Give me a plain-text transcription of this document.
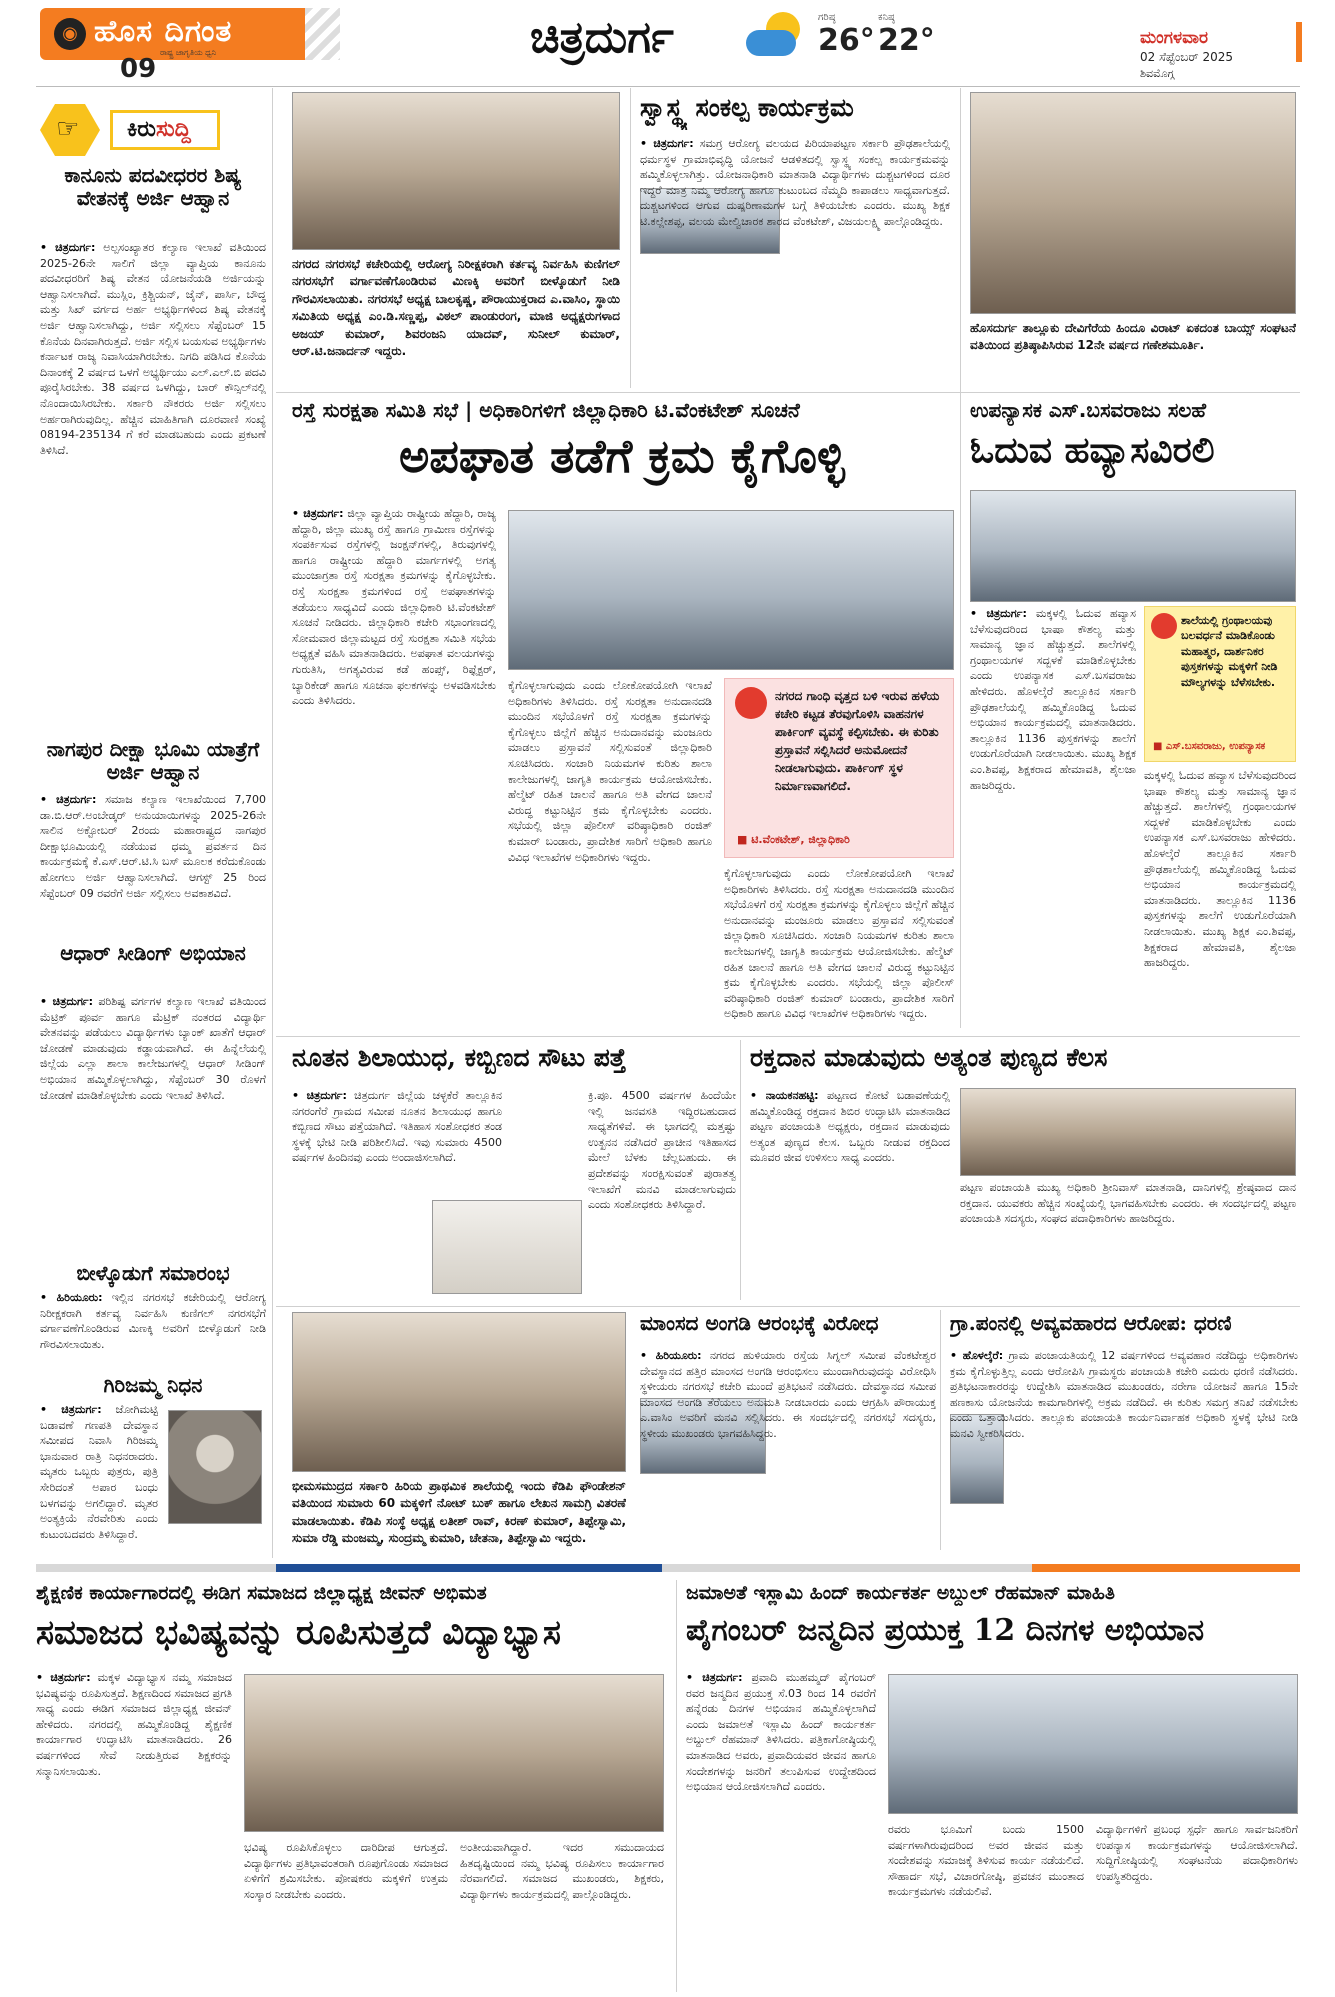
◉ ಹೊಸ ದಿಗಂತ
ರಾಷ್ಟ್ರ ಜಾಗೃತಿಯ ಧ್ವನಿ
09
ಚಿತ್ರದುರ್ಗ	ಗರಿಷ್ಠ
26°
ಕನಿಷ್ಠ
22°	ಮಂಗಳವಾರ
02 ಸೆಪ್ಟೆಂಬರ್ 2025
ಶಿವಮೊಗ್ಗ
☞	ಕಿರುಸುದ್ದಿ
ಕಾನೂನು ಪದವೀಧರರ ಶಿಷ್ಯ ವೇತನಕ್ಕೆ ಅರ್ಜಿ ಆಹ್ವಾನ
• ಚಿತ್ರದುರ್ಗ: ಅಲ್ಪಸಂಖ್ಯಾತರ ಕಲ್ಯಾಣ ಇಲಾಖೆ ವತಿಯಿಂದ 2025-26ನೇ ಸಾಲಿಗೆ ಜಿಲ್ಲಾ ವ್ಯಾಪ್ತಿಯ ಕಾನೂನು ಪದವೀಧರರಿಗೆ ಶಿಷ್ಯ ವೇತನ ಯೋಜನೆಯಡಿ ಅರ್ಜಿಯನ್ನು ಆಹ್ವಾನಿಸಲಾಗಿದೆ. ಮುಸ್ಲಿಂ, ಕ್ರಿಶ್ಚಿಯನ್, ಜೈನ್, ಪಾರ್ಸಿ, ಬೌದ್ಧ ಮತ್ತು ಸಿಖ್ ವರ್ಗದ ಅರ್ಹ ಅಭ್ಯರ್ಥಿಗಳಿಂದ ಶಿಷ್ಯ ವೇತನಕ್ಕೆ ಅರ್ಜಿ ಆಹ್ವಾನಿಸಲಾಗಿದ್ದು, ಅರ್ಜಿ ಸಲ್ಲಿಸಲು ಸೆಪ್ಟೆಂಬರ್ 15 ಕೊನೆಯ ದಿನವಾಗಿರುತ್ತದೆ. ಅರ್ಜಿ ಸಲ್ಲಿಸ ಬಯಸುವ ಅಭ್ಯರ್ಥಿಗಳು ಕರ್ನಾಟಕ ರಾಜ್ಯ ನಿವಾಸಿಯಾಗಿರಬೇಕು. ನಿಗದಿ ಪಡಿಸಿದ ಕೊನೆಯ ದಿನಾಂಕಕ್ಕೆ 2 ವರ್ಷದ ಒಳಗೆ ಅಭ್ಯರ್ಥಿಯು ಎಲ್.ಎಲ್.ಬಿ ಪದವಿ ಪೂರೈಸಿರಬೇಕು. 38 ವರ್ಷದ ಒಳಗಿದ್ದು, ಬಾರ್ ಕೌನ್ಸಿಲ್‌ನಲ್ಲಿ ನೊಂದಾಯಿಸಿರಬೇಕು. ಸರ್ಕಾರಿ ನೌಕರರು ಅರ್ಜಿ ಸಲ್ಲಿಸಲು ಅರ್ಹರಾಗಿರುವುದಿಲ್ಲ. ಹೆಚ್ಚಿನ ಮಾಹಿತಿಗಾಗಿ ದೂರವಾಣಿ ಸಂಖ್ಯೆ 08194-235134 ಗೆ ಕರೆ ಮಾಡಬಹುದು ಎಂದು ಪ್ರಕಟಣೆ ತಿಳಿಸಿದೆ.
ನಾಗಪುರ ದೀಕ್ಷಾ ಭೂಮಿ ಯಾತ್ರೆಗೆ ಅರ್ಜಿ ಆಹ್ವಾನ
• ಚಿತ್ರದುರ್ಗ: ಸಮಾಜ ಕಲ್ಯಾಣ ಇಲಾಖೆಯಿಂದ 7,700 ಡಾ.ಬಿ.ಆರ್.ಅಂಬೇಡ್ಕರ್ ಅನುಯಾಯಿಗಳನ್ನು 2025-26ನೇ ಸಾಲಿನ ಅಕ್ಟೋಬರ್ 2ರಂದು ಮಹಾರಾಷ್ಟ್ರದ ನಾಗಪುರ ದೀಕ್ಷಾಭೂಮಿಯಲ್ಲಿ ನಡೆಯುವ ಧಮ್ಮ ಪ್ರವರ್ತನ ದಿನ ಕಾರ್ಯಕ್ರಮಕ್ಕೆ ಕೆ.ಎಸ್.ಆರ್.ಟಿ.ಸಿ ಬಸ್ ಮೂಲಕ ಕರೆದುಕೊಂಡು ಹೋಗಲು ಅರ್ಜಿ ಆಹ್ವಾನಿಸಲಾಗಿದೆ. ಆಗಸ್ಟ್ 25 ರಿಂದ ಸೆಪ್ಟೆಂಬರ್ 09 ರವರೆಗೆ ಅರ್ಜಿ ಸಲ್ಲಿಸಲು ಅವಕಾಶವಿದೆ.
ಆಧಾರ್ ಸೀಡಿಂಗ್ ಅಭಿಯಾನ
• ಚಿತ್ರದುರ್ಗ: ಪರಿಶಿಷ್ಟ ವರ್ಗಗಳ ಕಲ್ಯಾಣ ಇಲಾಖೆ ವತಿಯಿಂದ ಮೆಟ್ರಿಕ್ ಪೂರ್ವ ಹಾಗೂ ಮೆಟ್ರಿಕ್ ನಂತರದ ವಿದ್ಯಾರ್ಥಿ ವೇತನವನ್ನು ಪಡೆಯಲು ವಿದ್ಯಾರ್ಥಿಗಳು ಬ್ಯಾಂಕ್ ಖಾತೆಗೆ ಆಧಾರ್ ಜೋಡಣೆ ಮಾಡುವುದು ಕಡ್ಡಾಯವಾಗಿದೆ. ಈ ಹಿನ್ನೆಲೆಯಲ್ಲಿ ಜಿಲ್ಲೆಯ ಎಲ್ಲಾ ಶಾಲಾ ಕಾಲೇಜುಗಳಲ್ಲಿ ಆಧಾರ್ ಸೀಡಿಂಗ್ ಅಭಿಯಾನ ಹಮ್ಮಿಕೊಳ್ಳಲಾಗಿದ್ದು, ಸೆಪ್ಟೆಂಬರ್ 30 ರೊಳಗೆ ಜೋಡಣೆ ಮಾಡಿಕೊಳ್ಳಬೇಕು ಎಂದು ಇಲಾಖೆ ತಿಳಿಸಿದೆ.
ಬೀಳ್ಕೊಡುಗೆ ಸಮಾರಂಭ
• ಹಿರಿಯೂರು: ಇಲ್ಲಿನ ನಗರಸಭೆ ಕಚೇರಿಯಲ್ಲಿ ಆರೋಗ್ಯ ನಿರೀಕ್ಷಕರಾಗಿ ಕರ್ತವ್ಯ ನಿರ್ವಹಿಸಿ ಕುಣಿಗಲ್ ನಗರಸಭೆಗೆ ವರ್ಗಾವಣೆಗೊಂಡಿರುವ ಮಿಣಕ್ಕಿ ಅವರಿಗೆ ಬೀಳ್ಕೊಡುಗೆ ನೀಡಿ ಗೌರವಿಸಲಾಯಿತು.
ಗಿರಿಜಮ್ಮ ನಿಧನ
• ಚಿತ್ರದುರ್ಗ: ಜೋಗಿಮಟ್ಟಿ ಬಡಾವಣೆ ಗಣಪತಿ ದೇವಸ್ಥಾನ ಸಮೀಪದ ನಿವಾಸಿ ಗಿರಿಜಮ್ಮ ಭಾನುವಾರ ರಾತ್ರಿ ನಿಧನರಾದರು. ಮೃತರು ಒಬ್ಬರು ಪುತ್ರರು, ಪುತ್ರಿ ಸೇರಿದಂತೆ ಅಪಾರ ಬಂಧು ಬಳಗವನ್ನು ಅಗಲಿದ್ದಾರೆ. ಮೃತರ ಅಂತ್ಯಕ್ರಿಯೆ ನೆರವೇರಿತು ಎಂದು ಕುಟುಂಬದವರು ತಿಳಿಸಿದ್ದಾರೆ.
ನಗರದ ನಗರಸಭೆ ಕಚೇರಿಯಲ್ಲಿ ಆರೋಗ್ಯ ನಿರೀಕ್ಷಕರಾಗಿ ಕರ್ತವ್ಯ ನಿರ್ವಹಿಸಿ ಕುಣಿಗಲ್ ನಗರಸಭೆಗೆ ವರ್ಗಾವಣೆಗೊಂಡಿರುವ ಮಿಣಕ್ಕಿ ಅವರಿಗೆ ಬೀಳ್ಕೊಡುಗೆ ನೀಡಿ ಗೌರವಿಸಲಾಯಿತು. ನಗರಸಭೆ ಅಧ್ಯಕ್ಷ ಬಾಲಕೃಷ್ಣ, ಪೌರಾಯುಕ್ತರಾದ ಎ.ವಾಸಿಂ, ಸ್ಥಾಯಿ ಸಮಿತಿಯ ಅಧ್ಯಕ್ಷ ಎಂ.ಡಿ.ಸಣ್ಣಪ್ಪ, ವಿಠಲ್ ಪಾಂಡುರಂಗ, ಮಾಜಿ ಅಧ್ಯಕ್ಷರುಗಳಾದ ಅಜಯ್ ಕುಮಾರ್, ಶಿವರಂಜನಿ ಯಾದವ್, ಸುನೀಲ್ ಕುಮಾರ್, ಆರ್.ಟಿ.ಜನಾರ್ದನ್ ಇದ್ದರು.
ಸ್ವಾಸ್ಥ್ಯ ಸಂಕಲ್ಪ ಕಾರ್ಯಕ್ರಮ
• ಚಿತ್ರದುರ್ಗ: ಸಮಗ್ರ ಆರೋಗ್ಯ ವಲಯದ ಪಿರಿಯಾಪಟ್ಟಣ ಸರ್ಕಾರಿ ಪ್ರೌಢಶಾಲೆಯಲ್ಲಿ ಧರ್ಮಸ್ಥಳ ಗ್ರಾಮಾಭಿವೃದ್ಧಿ ಯೋಜನೆ ಆಡಳಿತದಲ್ಲಿ ಸ್ವಾಸ್ಥ್ಯ ಸಂಕಲ್ಪ ಕಾರ್ಯಕ್ರಮವನ್ನು ಹಮ್ಮಿಕೊಳ್ಳಲಾಗಿತ್ತು. ಯೋಜನಾಧಿಕಾರಿ ಮಾತನಾಡಿ ವಿದ್ಯಾರ್ಥಿಗಳು ದುಶ್ಚಟಗಳಿಂದ ದೂರ ಇದ್ದರೆ ಮಾತ್ರ ನಿಮ್ಮ ಆರೋಗ್ಯ ಹಾಗೂ ಕುಟುಂಬದ ನೆಮ್ಮದಿ ಕಾಪಾಡಲು ಸಾಧ್ಯವಾಗುತ್ತದೆ. ದುಶ್ಚಟಗಳಿಂದ ಆಗುವ ದುಷ್ಪರಿಣಾಮಗಳ ಬಗ್ಗೆ ತಿಳಿಯಬೇಕು ಎಂದರು. ಮುಖ್ಯ ಶಿಕ್ಷಕ ಟಿ.ಕಲ್ಲೇಶಪ್ಪ, ವಲಯ ಮೇಲ್ವಿಚಾರಕ ಶಾರದ ವೆಂಕಟೇಶ್, ವಿಜಯಲಕ್ಷ್ಮಿ ಪಾಲ್ಗೊಂಡಿದ್ದರು.
ಹೊಸದುರ್ಗ ತಾಲ್ಲೂಕು ದೇವಿಗೆರೆಯ ಹಿಂದೂ ವಿರಾಟ್ ಏಕದಂತ ಬಾಯ್ಸ್ ಸಂಘಟನೆ ವತಿಯಿಂದ ಪ್ರತಿಷ್ಠಾಪಿಸಿರುವ 12ನೇ ವರ್ಷದ ಗಣೇಶಮೂರ್ತಿ.
ರಸ್ತೆ ಸುರಕ್ಷತಾ ಸಮಿತಿ ಸಭೆ | ಅಧಿಕಾರಿಗಳಿಗೆ ಜಿಲ್ಲಾಧಿಕಾರಿ ಟಿ.ವೆಂಕಟೇಶ್ ಸೂಚನೆ
ಅಪಘಾತ ತಡೆಗೆ ಕ್ರಮ ಕೈಗೊಳ್ಳಿ
• ಚಿತ್ರದುರ್ಗ: ಜಿಲ್ಲಾ ವ್ಯಾಪ್ತಿಯ ರಾಷ್ಟ್ರೀಯ ಹೆದ್ದಾರಿ, ರಾಜ್ಯ ಹೆದ್ದಾರಿ, ಜಿಲ್ಲಾ ಮುಖ್ಯ ರಸ್ತೆ ಹಾಗೂ ಗ್ರಾಮೀಣ ರಸ್ತೆಗಳನ್ನು ಸಂಪರ್ಕಿಸುವ ರಸ್ತೆಗಳಲ್ಲಿ ಜಂಕ್ಷನ್‌ಗಳಲ್ಲಿ, ತಿರುವುಗಳಲ್ಲಿ ಹಾಗೂ ರಾಷ್ಟ್ರೀಯ ಹೆದ್ದಾರಿ ಮಾರ್ಗಗಳಲ್ಲಿ ಅಗತ್ಯ ಮುಂಜಾಗ್ರತಾ ರಸ್ತೆ ಸುರಕ್ಷತಾ ಕ್ರಮಗಳನ್ನು ಕೈಗೊಳ್ಳಬೇಕು. ರಸ್ತೆ ಸುರಕ್ಷತಾ ಕ್ರಮಗಳಿಂದ ರಸ್ತೆ ಅಪಘಾತಗಳನ್ನು ತಡೆಯಲು ಸಾಧ್ಯವಿದೆ ಎಂದು ಜಿಲ್ಲಾಧಿಕಾರಿ ಟಿ.ವೆಂಕಟೇಶ್ ಸೂಚನೆ ನೀಡಿದರು. ಜಿಲ್ಲಾಧಿಕಾರಿ ಕಚೇರಿ ಸಭಾಂಗಣದಲ್ಲಿ ಸೋಮವಾರ ಜಿಲ್ಲಾಮಟ್ಟದ ರಸ್ತೆ ಸುರಕ್ಷತಾ ಸಮಿತಿ ಸಭೆಯ ಅಧ್ಯಕ್ಷತೆ ವಹಿಸಿ ಮಾತನಾಡಿದರು. ಅಪಘಾತ ವಲಯಗಳನ್ನು ಗುರುತಿಸಿ, ಅಗತ್ಯವಿರುವ ಕಡೆ ಹಂಪ್ಸ್, ರಿಫ್ಲೆಕ್ಟರ್, ಬ್ಯಾರಿಕೇಡ್ ಹಾಗೂ ಸೂಚನಾ ಫಲಕಗಳನ್ನು ಅಳವಡಿಸಬೇಕು ಎಂದು ತಿಳಿಸಿದರು.
ಕೈಗೊಳ್ಳಲಾಗುವುದು ಎಂದು ಲೋಕೋಪಯೋಗಿ ಇಲಾಖೆ ಅಧಿಕಾರಿಗಳು ತಿಳಿಸಿದರು. ರಸ್ತೆ ಸುರಕ್ಷತಾ ಅನುದಾನದಡಿ ಮುಂದಿನ ಸಭೆಯೊಳಗೆ ರಸ್ತೆ ಸುರಕ್ಷತಾ ಕ್ರಮಗಳನ್ನು ಕೈಗೊಳ್ಳಲು ಜಿಲ್ಲೆಗೆ ಹೆಚ್ಚಿನ ಅನುದಾನವನ್ನು ಮಂಜೂರು ಮಾಡಲು ಪ್ರಸ್ತಾವನೆ ಸಲ್ಲಿಸುವಂತೆ ಜಿಲ್ಲಾಧಿಕಾರಿ ಸೂಚಿಸಿದರು. ಸಂಚಾರಿ ನಿಯಮಗಳ ಕುರಿತು ಶಾಲಾ ಕಾಲೇಜುಗಳಲ್ಲಿ ಜಾಗೃತಿ ಕಾರ್ಯಕ್ರಮ ಆಯೋಜಿಸಬೇಕು. ಹೆಲ್ಮೆಟ್ ರಹಿತ ಚಾಲನೆ ಹಾಗೂ ಅತಿ ವೇಗದ ಚಾಲನೆ ವಿರುದ್ಧ ಕಟ್ಟುನಿಟ್ಟಿನ ಕ್ರಮ ಕೈಗೊಳ್ಳಬೇಕು ಎಂದರು. ಸಭೆಯಲ್ಲಿ ಜಿಲ್ಲಾ ಪೊಲೀಸ್ ವರಿಷ್ಠಾಧಿಕಾರಿ ರಂಜಿತ್ ಕುಮಾರ್ ಬಂಡಾರು, ಪ್ರಾದೇಶಿಕ ಸಾರಿಗೆ ಅಧಿಕಾರಿ ಹಾಗೂ ವಿವಿಧ ಇಲಾಖೆಗಳ ಅಧಿಕಾರಿಗಳು ಇದ್ದರು.
ನಗರದ ಗಾಂಧಿ ವೃತ್ತದ ಬಳಿ ಇರುವ ಹಳೆಯ ಕಚೇರಿ ಕಟ್ಟಡ ತೆರವುಗೊಳಿಸಿ ವಾಹನಗಳ ಪಾರ್ಕಿಂಗ್ ವ್ಯವಸ್ಥೆ ಕಲ್ಪಿಸಬೇಕು. ಈ ಕುರಿತು ಪ್ರಸ್ತಾವನೆ ಸಲ್ಲಿಸಿದರೆ ಅನುಮೋದನೆ ನೀಡಲಾಗುವುದು. ಪಾರ್ಕಿಂಗ್ ಸ್ಥಳ ನಿರ್ಮಾಣವಾಗಲಿದೆ.
■ ಟಿ.ವೆಂಕಟೇಶ್, ಜಿಲ್ಲಾಧಿಕಾರಿ
ಕೈಗೊಳ್ಳಲಾಗುವುದು ಎಂದು ಲೋಕೋಪಯೋಗಿ ಇಲಾಖೆ ಅಧಿಕಾರಿಗಳು ತಿಳಿಸಿದರು. ರಸ್ತೆ ಸುರಕ್ಷತಾ ಅನುದಾನದಡಿ ಮುಂದಿನ ಸಭೆಯೊಳಗೆ ರಸ್ತೆ ಸುರಕ್ಷತಾ ಕ್ರಮಗಳನ್ನು ಕೈಗೊಳ್ಳಲು ಜಿಲ್ಲೆಗೆ ಹೆಚ್ಚಿನ ಅನುದಾನವನ್ನು ಮಂಜೂರು ಮಾಡಲು ಪ್ರಸ್ತಾವನೆ ಸಲ್ಲಿಸುವಂತೆ ಜಿಲ್ಲಾಧಿಕಾರಿ ಸೂಚಿಸಿದರು. ಸಂಚಾರಿ ನಿಯಮಗಳ ಕುರಿತು ಶಾಲಾ ಕಾಲೇಜುಗಳಲ್ಲಿ ಜಾಗೃತಿ ಕಾರ್ಯಕ್ರಮ ಆಯೋಜಿಸಬೇಕು. ಹೆಲ್ಮೆಟ್ ರಹಿತ ಚಾಲನೆ ಹಾಗೂ ಅತಿ ವೇಗದ ಚಾಲನೆ ವಿರುದ್ಧ ಕಟ್ಟುನಿಟ್ಟಿನ ಕ್ರಮ ಕೈಗೊಳ್ಳಬೇಕು ಎಂದರು. ಸಭೆಯಲ್ಲಿ ಜಿಲ್ಲಾ ಪೊಲೀಸ್ ವರಿಷ್ಠಾಧಿಕಾರಿ ರಂಜಿತ್ ಕುಮಾರ್ ಬಂಡಾರು, ಪ್ರಾದೇಶಿಕ ಸಾರಿಗೆ ಅಧಿಕಾರಿ ಹಾಗೂ ವಿವಿಧ ಇಲಾಖೆಗಳ ಅಧಿಕಾರಿಗಳು ಇದ್ದರು.
ಉಪನ್ಯಾಸಕ ಎಸ್.ಬಸವರಾಜು ಸಲಹೆ
ಓದುವ ಹವ್ಯಾಸವಿರಲಿ
• ಚಿತ್ರದುರ್ಗ: ಮಕ್ಕಳಲ್ಲಿ ಓದುವ ಹವ್ಯಾಸ ಬೆಳೆಸುವುದರಿಂದ ಭಾಷಾ ಕೌಶಲ್ಯ ಮತ್ತು ಸಾಮಾನ್ಯ ಜ್ಞಾನ ಹೆಚ್ಚುತ್ತದೆ. ಶಾಲೆಗಳಲ್ಲಿ ಗ್ರಂಥಾಲಯಗಳ ಸದ್ಬಳಕೆ ಮಾಡಿಕೊಳ್ಳಬೇಕು ಎಂದು ಉಪನ್ಯಾಸಕ ಎಸ್.ಬಸವರಾಜು ಹೇಳಿದರು. ಹೊಳಲ್ಕೆರೆ ತಾಲ್ಲೂಕಿನ ಸರ್ಕಾರಿ ಪ್ರೌಢಶಾಲೆಯಲ್ಲಿ ಹಮ್ಮಿಕೊಂಡಿದ್ದ ಓದುವ ಅಭಿಯಾನ ಕಾರ್ಯಕ್ರಮದಲ್ಲಿ ಮಾತನಾಡಿದರು. ತಾಲ್ಲೂಕಿನ 1136 ಪುಸ್ತಕಗಳನ್ನು ಶಾಲೆಗೆ ಉಡುಗೊರೆಯಾಗಿ ನೀಡಲಾಯಿತು. ಮುಖ್ಯ ಶಿಕ್ಷಕ ಎಂ.ಶಿವಪ್ಪ, ಶಿಕ್ಷಕರಾದ ಹೇಮಾವತಿ, ಶೈಲಜಾ ಹಾಜರಿದ್ದರು.
ಶಾಲೆಯಲ್ಲಿ ಗ್ರಂಥಾಲಯವು ಬಲವರ್ಧನೆ ಮಾಡಿಕೊಂಡು ಮಹಾತ್ಮರ, ದಾರ್ಶನಿಕರ ಪುಸ್ತಕಗಳನ್ನು ಮಕ್ಕಳಿಗೆ ನೀಡಿ ಮೌಲ್ಯಗಳನ್ನು ಬೆಳೆಸಬೇಕು.
■ ಎಸ್.ಬಸವರಾಜು, ಉಪನ್ಯಾಸಕ
ಮಕ್ಕಳಲ್ಲಿ ಓದುವ ಹವ್ಯಾಸ ಬೆಳೆಸುವುದರಿಂದ ಭಾಷಾ ಕೌಶಲ್ಯ ಮತ್ತು ಸಾಮಾನ್ಯ ಜ್ಞಾನ ಹೆಚ್ಚುತ್ತದೆ. ಶಾಲೆಗಳಲ್ಲಿ ಗ್ರಂಥಾಲಯಗಳ ಸದ್ಬಳಕೆ ಮಾಡಿಕೊಳ್ಳಬೇಕು ಎಂದು ಉಪನ್ಯಾಸಕ ಎಸ್.ಬಸವರಾಜು ಹೇಳಿದರು. ಹೊಳಲ್ಕೆರೆ ತಾಲ್ಲೂಕಿನ ಸರ್ಕಾರಿ ಪ್ರೌಢಶಾಲೆಯಲ್ಲಿ ಹಮ್ಮಿಕೊಂಡಿದ್ದ ಓದುವ ಅಭಿಯಾನ ಕಾರ್ಯಕ್ರಮದಲ್ಲಿ ಮಾತನಾಡಿದರು. ತಾಲ್ಲೂಕಿನ 1136 ಪುಸ್ತಕಗಳನ್ನು ಶಾಲೆಗೆ ಉಡುಗೊರೆಯಾಗಿ ನೀಡಲಾಯಿತು. ಮುಖ್ಯ ಶಿಕ್ಷಕ ಎಂ.ಶಿವಪ್ಪ, ಶಿಕ್ಷಕರಾದ ಹೇಮಾವತಿ, ಶೈಲಜಾ ಹಾಜರಿದ್ದರು.
ನೂತನ ಶಿಲಾಯುಧ, ಕಬ್ಬಿಣದ ಸೌಟು ಪತ್ತೆ
• ಚಿತ್ರದುರ್ಗ: ಚಿತ್ರದುರ್ಗ ಜಿಲ್ಲೆಯ ಚಳ್ಳಕೆರೆ ತಾಲ್ಲೂಕಿನ ನಗರಂಗೆರೆ ಗ್ರಾಮದ ಸಮೀಪ ನೂತನ ಶಿಲಾಯುಧ ಹಾಗೂ ಕಬ್ಬಿಣದ ಸೌಟು ಪತ್ತೆಯಾಗಿದೆ. ಇತಿಹಾಸ ಸಂಶೋಧಕರ ತಂಡ ಸ್ಥಳಕ್ಕೆ ಭೇಟಿ ನೀಡಿ ಪರಿಶೀಲಿಸಿದೆ. ಇವು ಸುಮಾರು 4500 ವರ್ಷಗಳ ಹಿಂದಿನವು ಎಂದು ಅಂದಾಜಿಸಲಾಗಿದೆ.
ಕ್ರಿ.ಪೂ. 4500 ವರ್ಷಗಳ ಹಿಂದೆಯೇ ಇಲ್ಲಿ ಜನವಸತಿ ಇದ್ದಿರಬಹುದಾದ ಸಾಧ್ಯತೆಗಳಿವೆ. ಈ ಭಾಗದಲ್ಲಿ ಮತ್ತಷ್ಟು ಉತ್ಖನನ ನಡೆಸಿದರೆ ಪ್ರಾಚೀನ ಇತಿಹಾಸದ ಮೇಲೆ ಬೆಳಕು ಚೆಲ್ಲಬಹುದು. ಈ ಪ್ರದೇಶವನ್ನು ಸಂರಕ್ಷಿಸುವಂತೆ ಪುರಾತತ್ವ ಇಲಾಖೆಗೆ ಮನವಿ ಮಾಡಲಾಗುವುದು ಎಂದು ಸಂಶೋಧಕರು ತಿಳಿಸಿದ್ದಾರೆ.
ರಕ್ತದಾನ ಮಾಡುವುದು ಅತ್ಯಂತ ಪುಣ್ಯದ ಕೆಲಸ
• ನಾಯಕನಹಟ್ಟಿ: ಪಟ್ಟಣದ ಕೋಟೆ ಬಡಾವಣೆಯಲ್ಲಿ ಹಮ್ಮಿಕೊಂಡಿದ್ದ ರಕ್ತದಾನ ಶಿಬಿರ ಉದ್ಘಾಟಿಸಿ ಮಾತನಾಡಿದ ಪಟ್ಟಣ ಪಂಚಾಯತಿ ಅಧ್ಯಕ್ಷರು, ರಕ್ತದಾನ ಮಾಡುವುದು ಅತ್ಯಂತ ಪುಣ್ಯದ ಕೆಲಸ. ಒಬ್ಬರು ನೀಡುವ ರಕ್ತದಿಂದ ಮೂವರ ಜೀವ ಉಳಿಸಲು ಸಾಧ್ಯ ಎಂದರು.
ಪಟ್ಟಣ ಪಂಚಾಯತಿ ಮುಖ್ಯ ಅಧಿಕಾರಿ ಶ್ರೀನಿವಾಸ್ ಮಾತನಾಡಿ, ದಾನಿಗಳಲ್ಲಿ ಶ್ರೇಷ್ಠವಾದ ದಾನ ರಕ್ತದಾನ. ಯುವಕರು ಹೆಚ್ಚಿನ ಸಂಖ್ಯೆಯಲ್ಲಿ ಭಾಗವಹಿಸಬೇಕು ಎಂದರು. ಈ ಸಂದರ್ಭದಲ್ಲಿ ಪಟ್ಟಣ ಪಂಚಾಯತಿ ಸದಸ್ಯರು, ಸಂಘದ ಪದಾಧಿಕಾರಿಗಳು ಹಾಜರಿದ್ದರು.
ಭೀಮಸಮುದ್ರದ ಸರ್ಕಾರಿ ಹಿರಿಯ ಪ್ರಾಥಮಿಕ ಶಾಲೆಯಲ್ಲಿ ಇಂದು ಕೆಡಿಪಿ ಫೌಂಡೇಶನ್ ವತಿಯಿಂದ ಸುಮಾರು 60 ಮಕ್ಕಳಿಗೆ ನೋಟ್ ಬುಕ್ ಹಾಗೂ ಲೇಖನ ಸಾಮಗ್ರಿ ವಿತರಣೆ ಮಾಡಲಾಯಿತು. ಕೆಡಿಪಿ ಸಂಸ್ಥೆ ಅಧ್ಯಕ್ಷ ಲತೀಶ್ ರಾವ್, ಕಿರಣ್ ಕುಮಾರ್, ತಿಪ್ಪೇಸ್ವಾಮಿ, ಸುಮಾ ರೆಡ್ಡಿ ಮಂಜಮ್ಮ, ಸುಂದ್ರಮ್ಮ ಕುಮಾರಿ, ಚೇತನಾ, ತಿಪ್ಪೇಸ್ವಾಮಿ ಇದ್ದರು.
ಮಾಂಸದ ಅಂಗಡಿ ಆರಂಭಕ್ಕೆ ವಿರೋಧ
• ಹಿರಿಯೂರು: ನಗರದ ಹುಳಿಯಾರು ರಸ್ತೆಯ ಸಿಗ್ನಲ್ ಸಮೀಪ ವೆಂಕಟೇಶ್ವರ ದೇವಸ್ಥಾನದ ಹತ್ತಿರ ಮಾಂಸದ ಅಂಗಡಿ ಆರಂಭಿಸಲು ಮುಂದಾಗಿರುವುದನ್ನು ವಿರೋಧಿಸಿ ಸ್ಥಳೀಯರು ನಗರಸಭೆ ಕಚೇರಿ ಮುಂದೆ ಪ್ರತಿಭಟನೆ ನಡೆಸಿದರು. ದೇವಸ್ಥಾನದ ಸಮೀಪ ಮಾಂಸದ ಅಂಗಡಿ ತೆರೆಯಲು ಅನುಮತಿ ನೀಡಬಾರದು ಎಂದು ಆಗ್ರಹಿಸಿ ಪೌರಾಯುಕ್ತ ಎ.ವಾಸಿಂ ಅವರಿಗೆ ಮನವಿ ಸಲ್ಲಿಸಿದರು. ಈ ಸಂದರ್ಭದಲ್ಲಿ ನಗರಸಭೆ ಸದಸ್ಯರು, ಸ್ಥಳೀಯ ಮುಖಂಡರು ಭಾಗವಹಿಸಿದ್ದರು.
ಗ್ರಾ.ಪಂನಲ್ಲಿ ಅವ್ಯವಹಾರದ ಆರೋಪ: ಧರಣಿ
• ಹೊಳಲ್ಕೆರೆ: ಗ್ರಾಮ ಪಂಚಾಯತಿಯಲ್ಲಿ 12 ವರ್ಷಗಳಿಂದ ಅವ್ಯವಹಾರ ನಡೆದಿದ್ದು ಅಧಿಕಾರಿಗಳು ಕ್ರಮ ಕೈಗೊಳ್ಳುತ್ತಿಲ್ಲ ಎಂದು ಆರೋಪಿಸಿ ಗ್ರಾಮಸ್ಥರು ಪಂಚಾಯತಿ ಕಚೇರಿ ಎದುರು ಧರಣಿ ನಡೆಸಿದರು. ಪ್ರತಿಭಟನಾಕಾರರನ್ನು ಉದ್ದೇಶಿಸಿ ಮಾತನಾಡಿದ ಮುಖಂಡರು, ನರೇಗಾ ಯೋಜನೆ ಹಾಗೂ 15ನೇ ಹಣಕಾಸು ಯೋಜನೆಯ ಕಾಮಗಾರಿಗಳಲ್ಲಿ ಅಕ್ರಮ ನಡೆದಿದೆ. ಈ ಕುರಿತು ಸಮಗ್ರ ತನಿಖೆ ನಡೆಸಬೇಕು ಎಂದು ಒತ್ತಾಯಿಸಿದರು. ತಾಲ್ಲೂಕು ಪಂಚಾಯತಿ ಕಾರ್ಯನಿರ್ವಾಹಕ ಅಧಿಕಾರಿ ಸ್ಥಳಕ್ಕೆ ಭೇಟಿ ನೀಡಿ ಮನವಿ ಸ್ವೀಕರಿಸಿದರು.
ಶೈಕ್ಷಣಿಕ ಕಾರ್ಯಾಗಾರದಲ್ಲಿ ಈಡಿಗ ಸಮಾಜದ ಜಿಲ್ಲಾಧ್ಯಕ್ಷ ಜೀವನ್ ಅಭಿಮತ
ಸಮಾಜದ ಭವಿಷ್ಯವನ್ನು ರೂಪಿಸುತ್ತದೆ ವಿದ್ಯಾಭ್ಯಾಸ
• ಚಿತ್ರದುರ್ಗ: ಮಕ್ಕಳ ವಿದ್ಯಾಭ್ಯಾಸ ನಮ್ಮ ಸಮಾಜದ ಭವಿಷ್ಯವನ್ನು ರೂಪಿಸುತ್ತದೆ. ಶಿಕ್ಷಣದಿಂದ ಸಮಾಜದ ಪ್ರಗತಿ ಸಾಧ್ಯ ಎಂದು ಈಡಿಗ ಸಮಾಜದ ಜಿಲ್ಲಾಧ್ಯಕ್ಷ ಜೀವನ್ ಹೇಳಿದರು. ನಗರದಲ್ಲಿ ಹಮ್ಮಿಕೊಂಡಿದ್ದ ಶೈಕ್ಷಣಿಕ ಕಾರ್ಯಾಗಾರ ಉದ್ಘಾಟಿಸಿ ಮಾತನಾಡಿದರು. 26 ವರ್ಷಗಳಿಂದ ಸೇವೆ ನೀಡುತ್ತಿರುವ ಶಿಕ್ಷಕರನ್ನು ಸನ್ಮಾನಿಸಲಾಯಿತು.
ಭವಿಷ್ಯ ರೂಪಿಸಿಕೊಳ್ಳಲು ದಾರಿದೀಪ ಆಗುತ್ತದೆ. ವಿದ್ಯಾರ್ಥಿಗಳು ಪ್ರತಿಭಾವಂತರಾಗಿ ರೂಪುಗೊಂಡು ಸಮಾಜದ ಏಳಿಗೆಗೆ ಶ್ರಮಿಸಬೇಕು. ಪೋಷಕರು ಮಕ್ಕಳಿಗೆ ಉತ್ತಮ ಸಂಸ್ಕಾರ ನೀಡಬೇಕು ಎಂದರು.
ಅಂತೀಯವಾಗಿದ್ದಾರೆ. ಇದರ ಸಮುದಾಯದ ಹಿತದೃಷ್ಟಿಯಿಂದ ನಮ್ಮ ಭವಿಷ್ಯ ರೂಪಿಸಲು ಕಾರ್ಯಾಗಾರ ನೆರವಾಗಲಿದೆ. ಸಮಾಜದ ಮುಖಂಡರು, ಶಿಕ್ಷಕರು, ವಿದ್ಯಾರ್ಥಿಗಳು ಕಾರ್ಯಕ್ರಮದಲ್ಲಿ ಪಾಲ್ಗೊಂಡಿದ್ದರು.
ಜಮಾಅತೆ ಇಸ್ಲಾಮಿ ಹಿಂದ್ ಕಾರ್ಯಕರ್ತ ಅಬ್ದುಲ್ ರೆಹಮಾನ್ ಮಾಹಿತಿ
ಪೈಗಂಬರ್ ಜನ್ಮದಿನ ಪ್ರಯುಕ್ತ 12 ದಿನಗಳ ಅಭಿಯಾನ
• ಚಿತ್ರದುರ್ಗ: ಪ್ರವಾದಿ ಮುಹಮ್ಮದ್ ಪೈಗಂಬರ್ ರವರ ಜನ್ಮದಿನ ಪ್ರಯುಕ್ತ ಸೆ.03 ರಿಂದ 14 ರವರೆಗೆ ಹನ್ನೆರಡು ದಿನಗಳ ಅಭಿಯಾನ ಹಮ್ಮಿಕೊಳ್ಳಲಾಗಿದೆ ಎಂದು ಜಮಾಅತೆ ಇಸ್ಲಾಮಿ ಹಿಂದ್ ಕಾರ್ಯಕರ್ತ ಅಬ್ದುಲ್ ರೆಹಮಾನ್ ತಿಳಿಸಿದರು. ಪತ್ರಿಕಾಗೋಷ್ಠಿಯಲ್ಲಿ ಮಾತನಾಡಿದ ಅವರು, ಪ್ರವಾದಿಯವರ ಜೀವನ ಹಾಗೂ ಸಂದೇಶಗಳನ್ನು ಜನರಿಗೆ ತಲುಪಿಸುವ ಉದ್ದೇಶದಿಂದ ಅಭಿಯಾನ ಆಯೋಜಿಸಲಾಗಿದೆ ಎಂದರು.
ರವರು ಭೂಮಿಗೆ ಬಂದು 1500 ವರ್ಷಗಳಾಗಿರುವುದರಿಂದ ಅವರ ಜೀವನ ಮತ್ತು ಸಂದೇಶವನ್ನು ಸಮಾಜಕ್ಕೆ ತಿಳಿಸುವ ಕಾರ್ಯ ನಡೆಯಲಿದೆ. ಸೌಹಾರ್ದ ಸಭೆ, ವಿಚಾರಗೋಷ್ಠಿ, ಪ್ರವಚನ ಮುಂತಾದ ಕಾರ್ಯಕ್ರಮಗಳು ನಡೆಯಲಿವೆ.
ವಿದ್ಯಾರ್ಥಿಗಳಿಗೆ ಪ್ರಬಂಧ ಸ್ಪರ್ಧೆ ಹಾಗೂ ಸಾರ್ವಜನಿಕರಿಗೆ ಉಪನ್ಯಾಸ ಕಾರ್ಯಕ್ರಮಗಳನ್ನು ಆಯೋಜಿಸಲಾಗಿದೆ. ಸುದ್ದಿಗೋಷ್ಠಿಯಲ್ಲಿ ಸಂಘಟನೆಯ ಪದಾಧಿಕಾರಿಗಳು ಉಪಸ್ಥಿತರಿದ್ದರು.
